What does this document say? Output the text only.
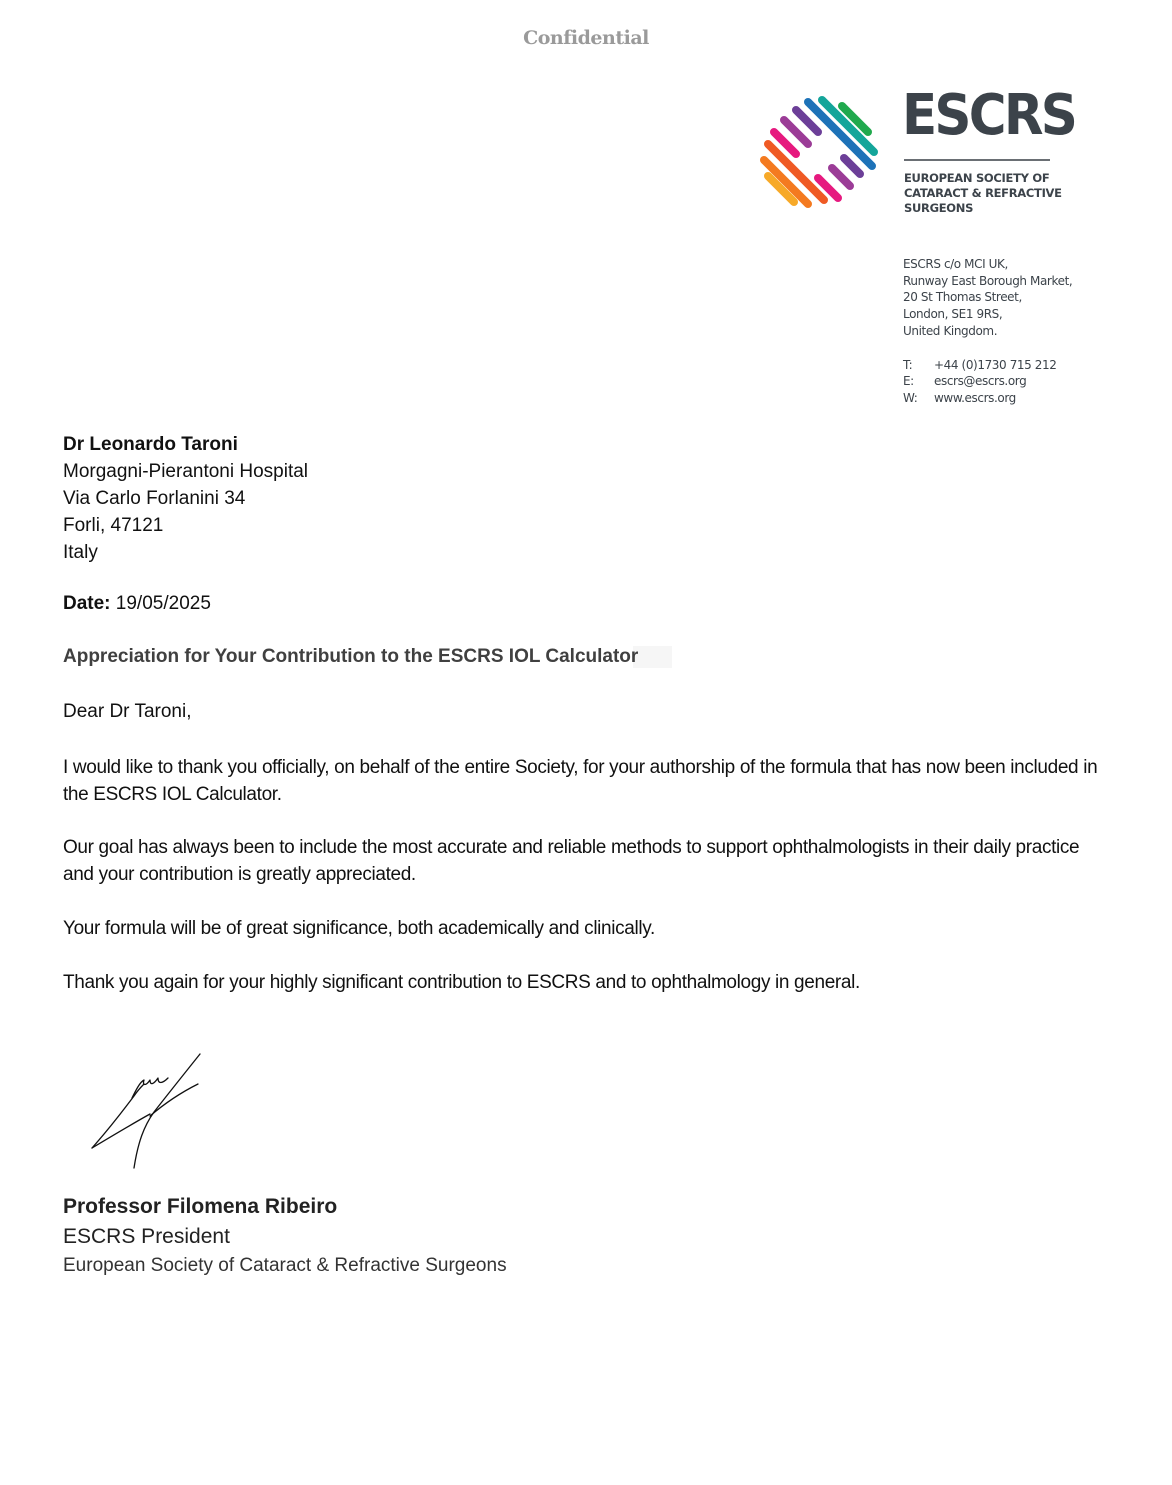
Confidential
ESCRS
EUROPEAN SOCIETY OF
CATARACT & REFRACTIVE
SURGEONS
ESCRS c/o MCI UK,
Runway East Borough Market,
20 St Thomas Street,
London, SE1 9RS,
United Kingdom.
T:	+44 (0)1730 715 212
E:	escrs@escrs.org
W:	www.escrs.org
Dr Leonardo Taroni
Morgagni-Pierantoni Hospital
Via Carlo Forlanini 34
Forli, 47121
Italy
Date: 19/05/2025
Appreciation for Your Contribution to the ESCRS IOL Calculator
Dear Dr Taroni,
I would like to thank you officially, on behalf of the entire Society, for your authorship of the formula that has now been included in the ESCRS IOL Calculator.
Our goal has always been to include the most accurate and reliable methods to support ophthalmologists in their daily practice and your contribution is greatly appreciated.
Your formula will be of great significance, both academically and clinically.
Thank you again for your highly significant contribution to ESCRS and to ophthalmology in general.
Professor Filomena Ribeiro
ESCRS President
European Society of Cataract & Refractive Surgeons
